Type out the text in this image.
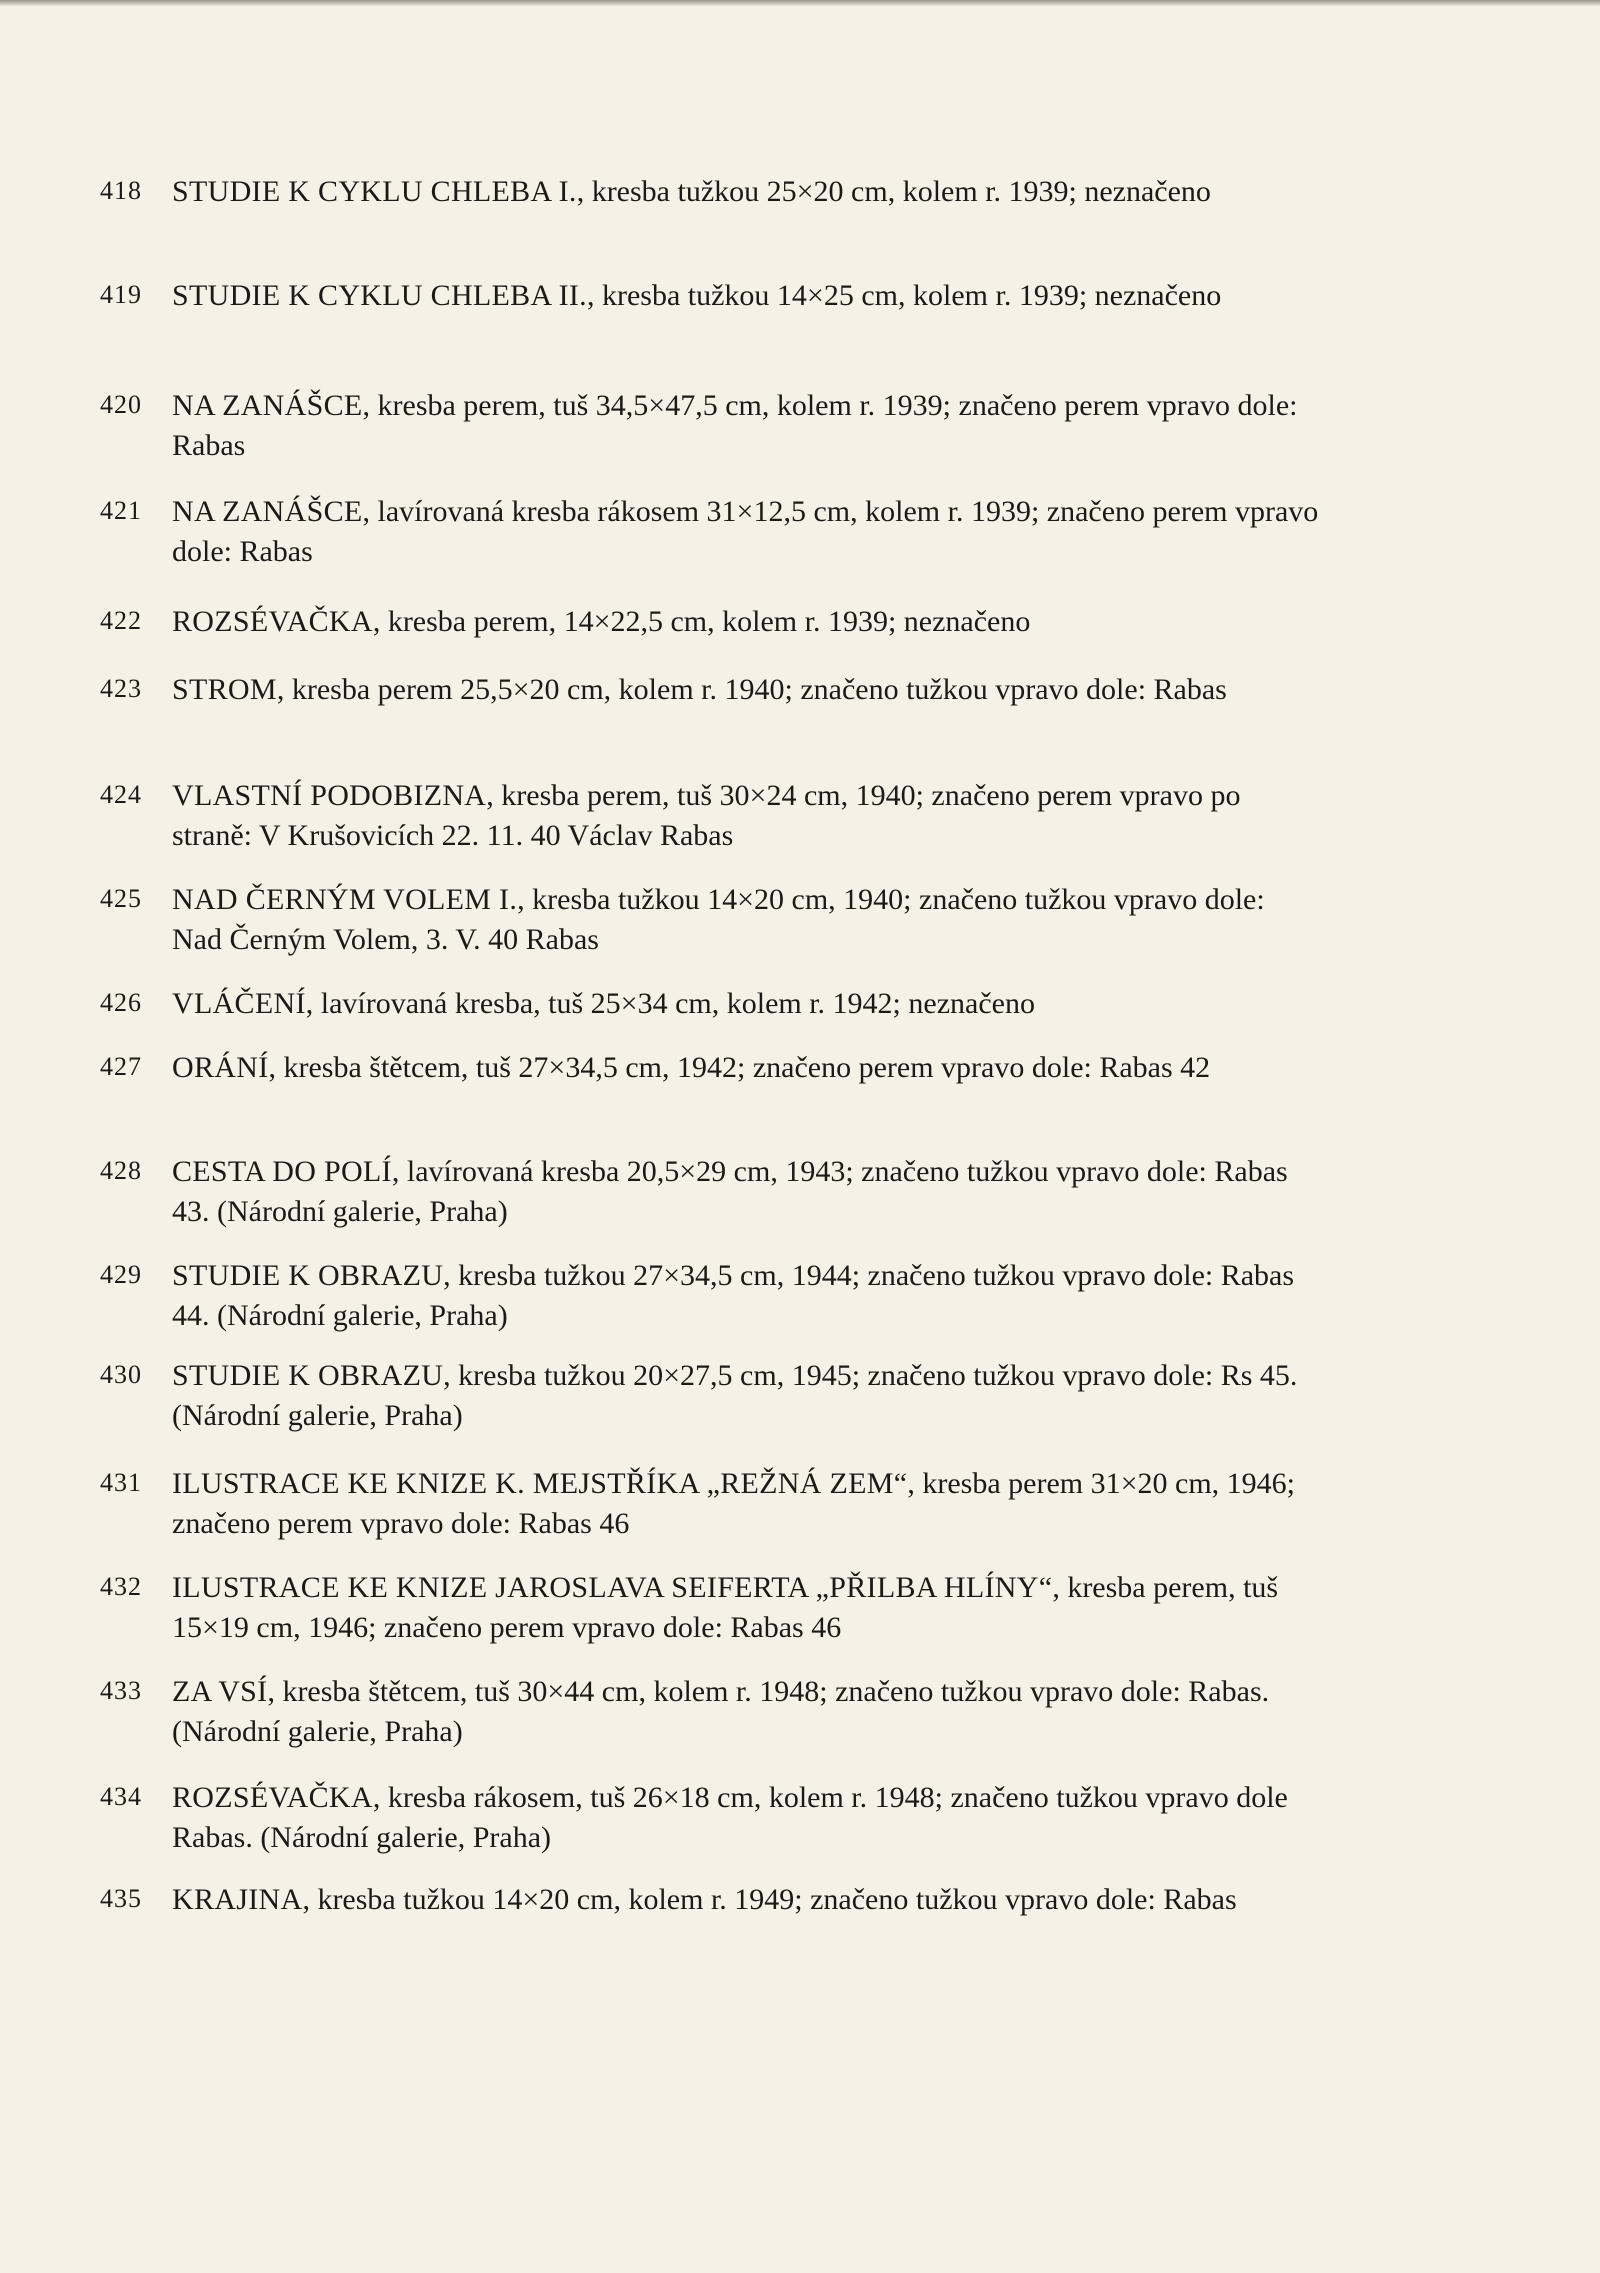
418	STUDIE K CYKLU CHLEBA I., kresba tužkou 25×20 cm, kolem r. 1939; neznačeno
419	STUDIE K CYKLU CHLEBA II., kresba tužkou 14×25 cm, kolem r. 1939; neznačeno
420	NA ZANÁŠCE, kresba perem, tuš 34,5×47,5 cm, kolem r. 1939; značeno perem vpravo dole: Rabas
421	NA ZANÁŠCE, lavírovaná kresba rákosem 31×12,5 cm, kolem r. 1939; značeno perem vpravo dole: Rabas
422	ROZSÉVAČKA, kresba perem, 14×22,5 cm, kolem r. 1939; neznačeno
423	STROM, kresba perem 25,5×20 cm, kolem r. 1940; značeno tužkou vpravo dole: Rabas
424	VLASTNÍ PODOBIZNA, kresba perem, tuš 30×24 cm, 1940; značeno perem vpravo po straně: V Krušovicích 22. 11. 40 Václav Rabas
425	NAD ČERNÝM VOLEM I., kresba tužkou 14×20 cm, 1940; značeno tužkou vpravo dole: Nad Černým Volem, 3. V. 40 Rabas
426	VLÁČENÍ, lavírovaná kresba, tuš 25×34 cm, kolem r. 1942; neznačeno
427	ORÁNÍ, kresba štětcem, tuš 27×34,5 cm, 1942; značeno perem vpravo dole: Rabas 42
428	CESTA DO POLÍ, lavírovaná kresba 20,5×29 cm, 1943; značeno tužkou vpravo dole: Rabas 43. (Národní galerie, Praha)
429	STUDIE K OBRAZU, kresba tužkou 27×34,5 cm, 1944; značeno tužkou vpravo dole: Rabas 44. (Národní galerie, Praha)
430	STUDIE K OBRAZU, kresba tužkou 20×27,5 cm, 1945; značeno tužkou vpravo dole: Rs 45. (Národní galerie, Praha)
431	ILUSTRACE KE KNIZE K. MEJSTŘÍKA „REŽNÁ ZEM“, kresba perem 31×20 cm, 1946; značeno perem vpravo dole: Rabas 46
432	ILUSTRACE KE KNIZE JAROSLAVA SEIFERTA „PŘILBA HLÍNY“, kresba perem, tuš 15×19 cm, 1946; značeno perem vpravo dole: Rabas 46
433	ZA VSÍ, kresba štětcem, tuš 30×44 cm, kolem r. 1948; značeno tužkou vpravo dole: Rabas. (Národní galerie, Praha)
434	ROZSÉVAČKA, kresba rákosem, tuš 26×18 cm, kolem r. 1948; značeno tužkou vpravo dole Rabas. (Národní galerie, Praha)
435	KRAJINA, kresba tužkou 14×20 cm, kolem r. 1949; značeno tužkou vpravo dole: Rabas
